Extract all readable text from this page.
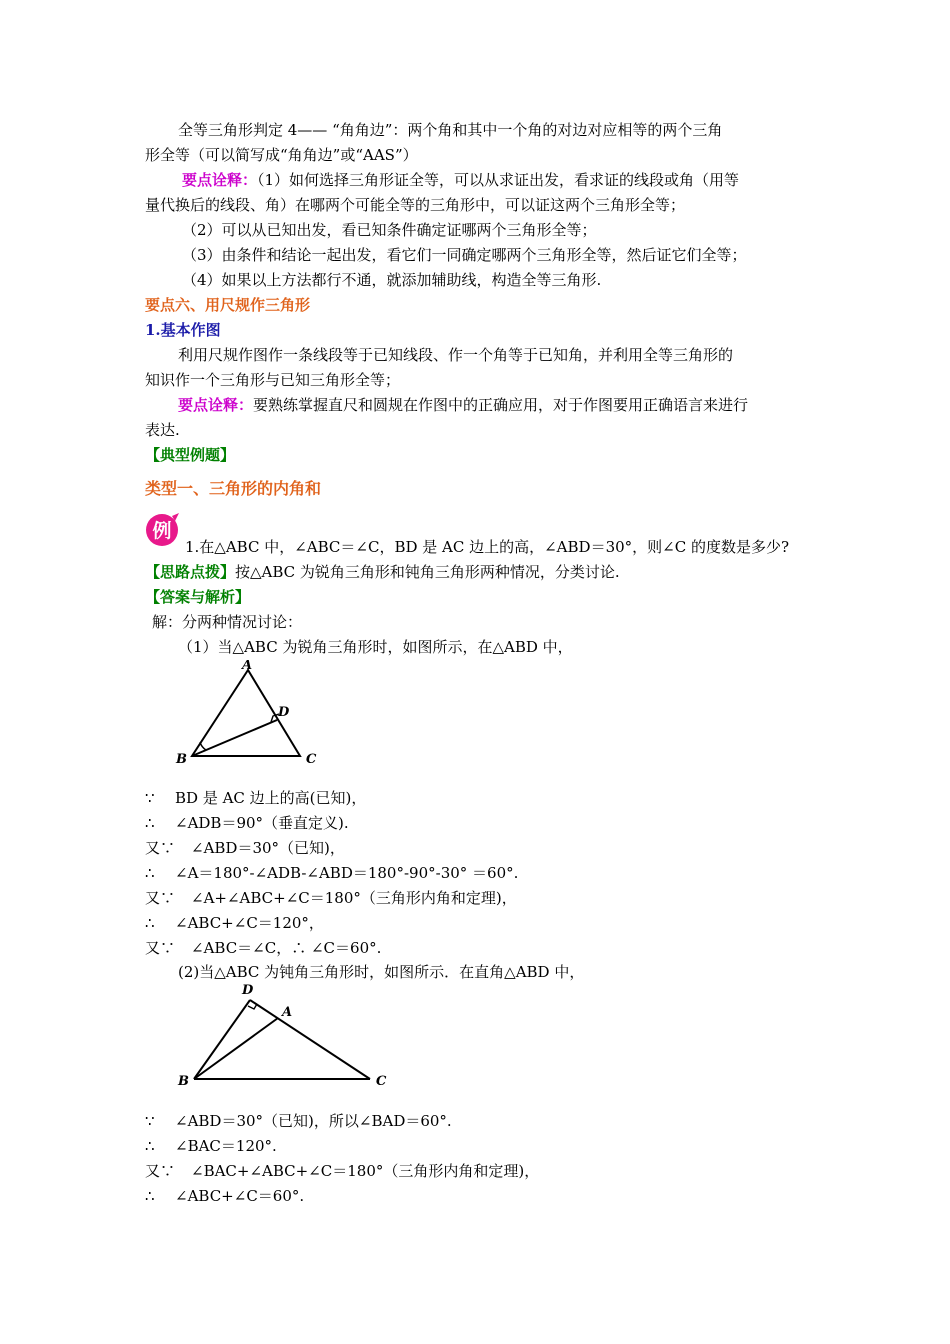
全等三角形判定 4—— “角角边”：两个角和其中一个角的对边对应相等的两个三角
形全等（可以简写成“角角边”或“AAS”）
要点诠释：（1）如何选择三角形证全等，可以从求证出发，看求证的线段或角（用等
量代换后的线段、角）在哪两个可能全等的三角形中，可以证这两个三角形全等；
（2）可以从已知出发，看已知条件确定证哪两个三角形全等；
（3）由条件和结论一起出发，看它们一同确定哪两个三角形全等，然后证它们全等；
（4）如果以上方法都行不通，就添加辅助线，构造全等三角形.
要点六、用尺规作三角形
1.基本作图
利用尺规作图作一条线段等于已知线段、作一个角等于已知角，并利用全等三角形的
知识作一个三角形与已知三角形全等；
要点诠释：要熟练掌握直尺和圆规在作图中的正确应用，对于作图要用正确语言来进行
表达.
【典型例题】
类型一、三角形的内角和
例
1.在△ABC 中，∠ABC＝∠C，BD 是 AC 边上的高，∠ABD＝30°，则∠C 的度数是多少?
【思路点拨】按△ABC 为锐角三角形和钝角三角形两种情况，分类讨论.
【答案与解析】
解：分两种情况讨论：
（1）当△ABC 为锐角三角形时，如图所示，在△ABD 中，
A
B	C
D
∵ BD 是 AC 边上的高(已知)，
∴ ∠ADB＝90°（垂直定义).
又∵ ∠ABD＝30°（已知)，
∴ ∠A＝180°-∠ADB-∠ABD＝180°-90°-30° ＝60°.
又∵ ∠A+∠ABC+∠C＝180°（三角形内角和定理)，
∴ ∠ABC+∠C＝120°，
又∵ ∠ABC＝∠C，∴ ∠C＝60°.
(2)当△ABC 为钝角三角形时，如图所示．在直角△ABD 中，
D
A
B	C
∵ ∠ABD＝30°（已知)，所以∠BAD＝60°.
∴ ∠BAC＝120°.
又∵ ∠BAC+∠ABC+∠C＝180°（三角形内角和定理)，
∴ ∠ABC+∠C＝60°.
